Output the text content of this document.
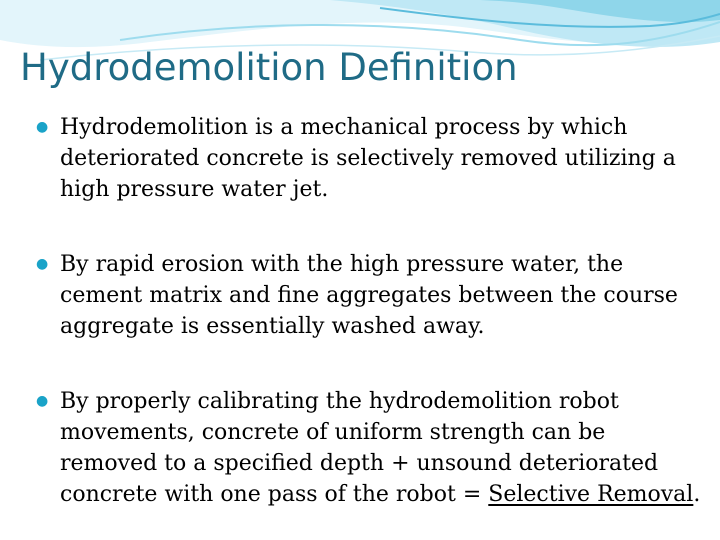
Hydrodemolition Definition
● Hydrodemolition is a mechanical process by which deteriorated concrete is selectively removed utilizing a high pressure water jet.
● By rapid erosion with the high pressure water, the cement matrix and fine aggregates between the course aggregate is essentially washed away.
● By properly calibrating the hydrodemolition robot movements, concrete of uniform strength can be removed to a specified depth + unsound deteriorated concrete with one pass of the robot = Selective Removal.
